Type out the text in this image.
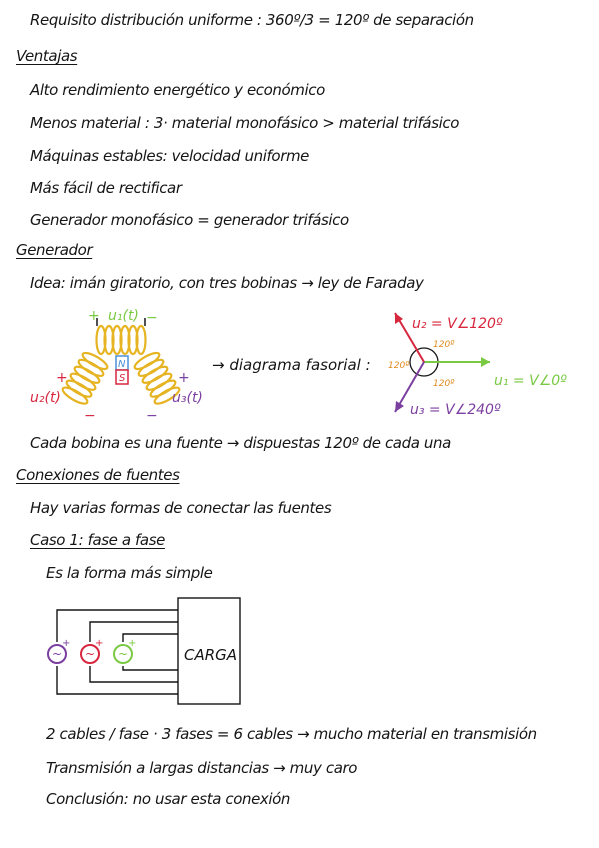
Requisito distribución uniforme : 360º/3 = 120º de separación
Ventajas
Alto rendimiento energético y económico
Menos material : 3· material monofásico > material trifásico
Máquinas estables: velocidad uniforme
Más fácil de rectificar
Generador monofásico = generador trifásico
Generador
Idea: imán giratorio, con tres bobinas → ley de Faraday
Cada bobina es una fuente → dispuestas 120º de cada una
Conexiones de fuentes
Hay varias formas de conectar las fuentes
Caso 1: fase a fase
Es la forma más simple
2 cables / fase · 3 fases = 6 cables → mucho material en transmisión
Transmisión a largas distancias → muy caro
Conclusión: no usar esta conexión
+ u₁(t) −
N
S
+
u₂(t)
−
+
u₃(t)
−
→ diagrama fasorial :
u₁ = V∠0º
u₂ = V∠120º
u₃ = V∠240º
120º
120º
120º
CARGA
~
+
~
+
~
+
